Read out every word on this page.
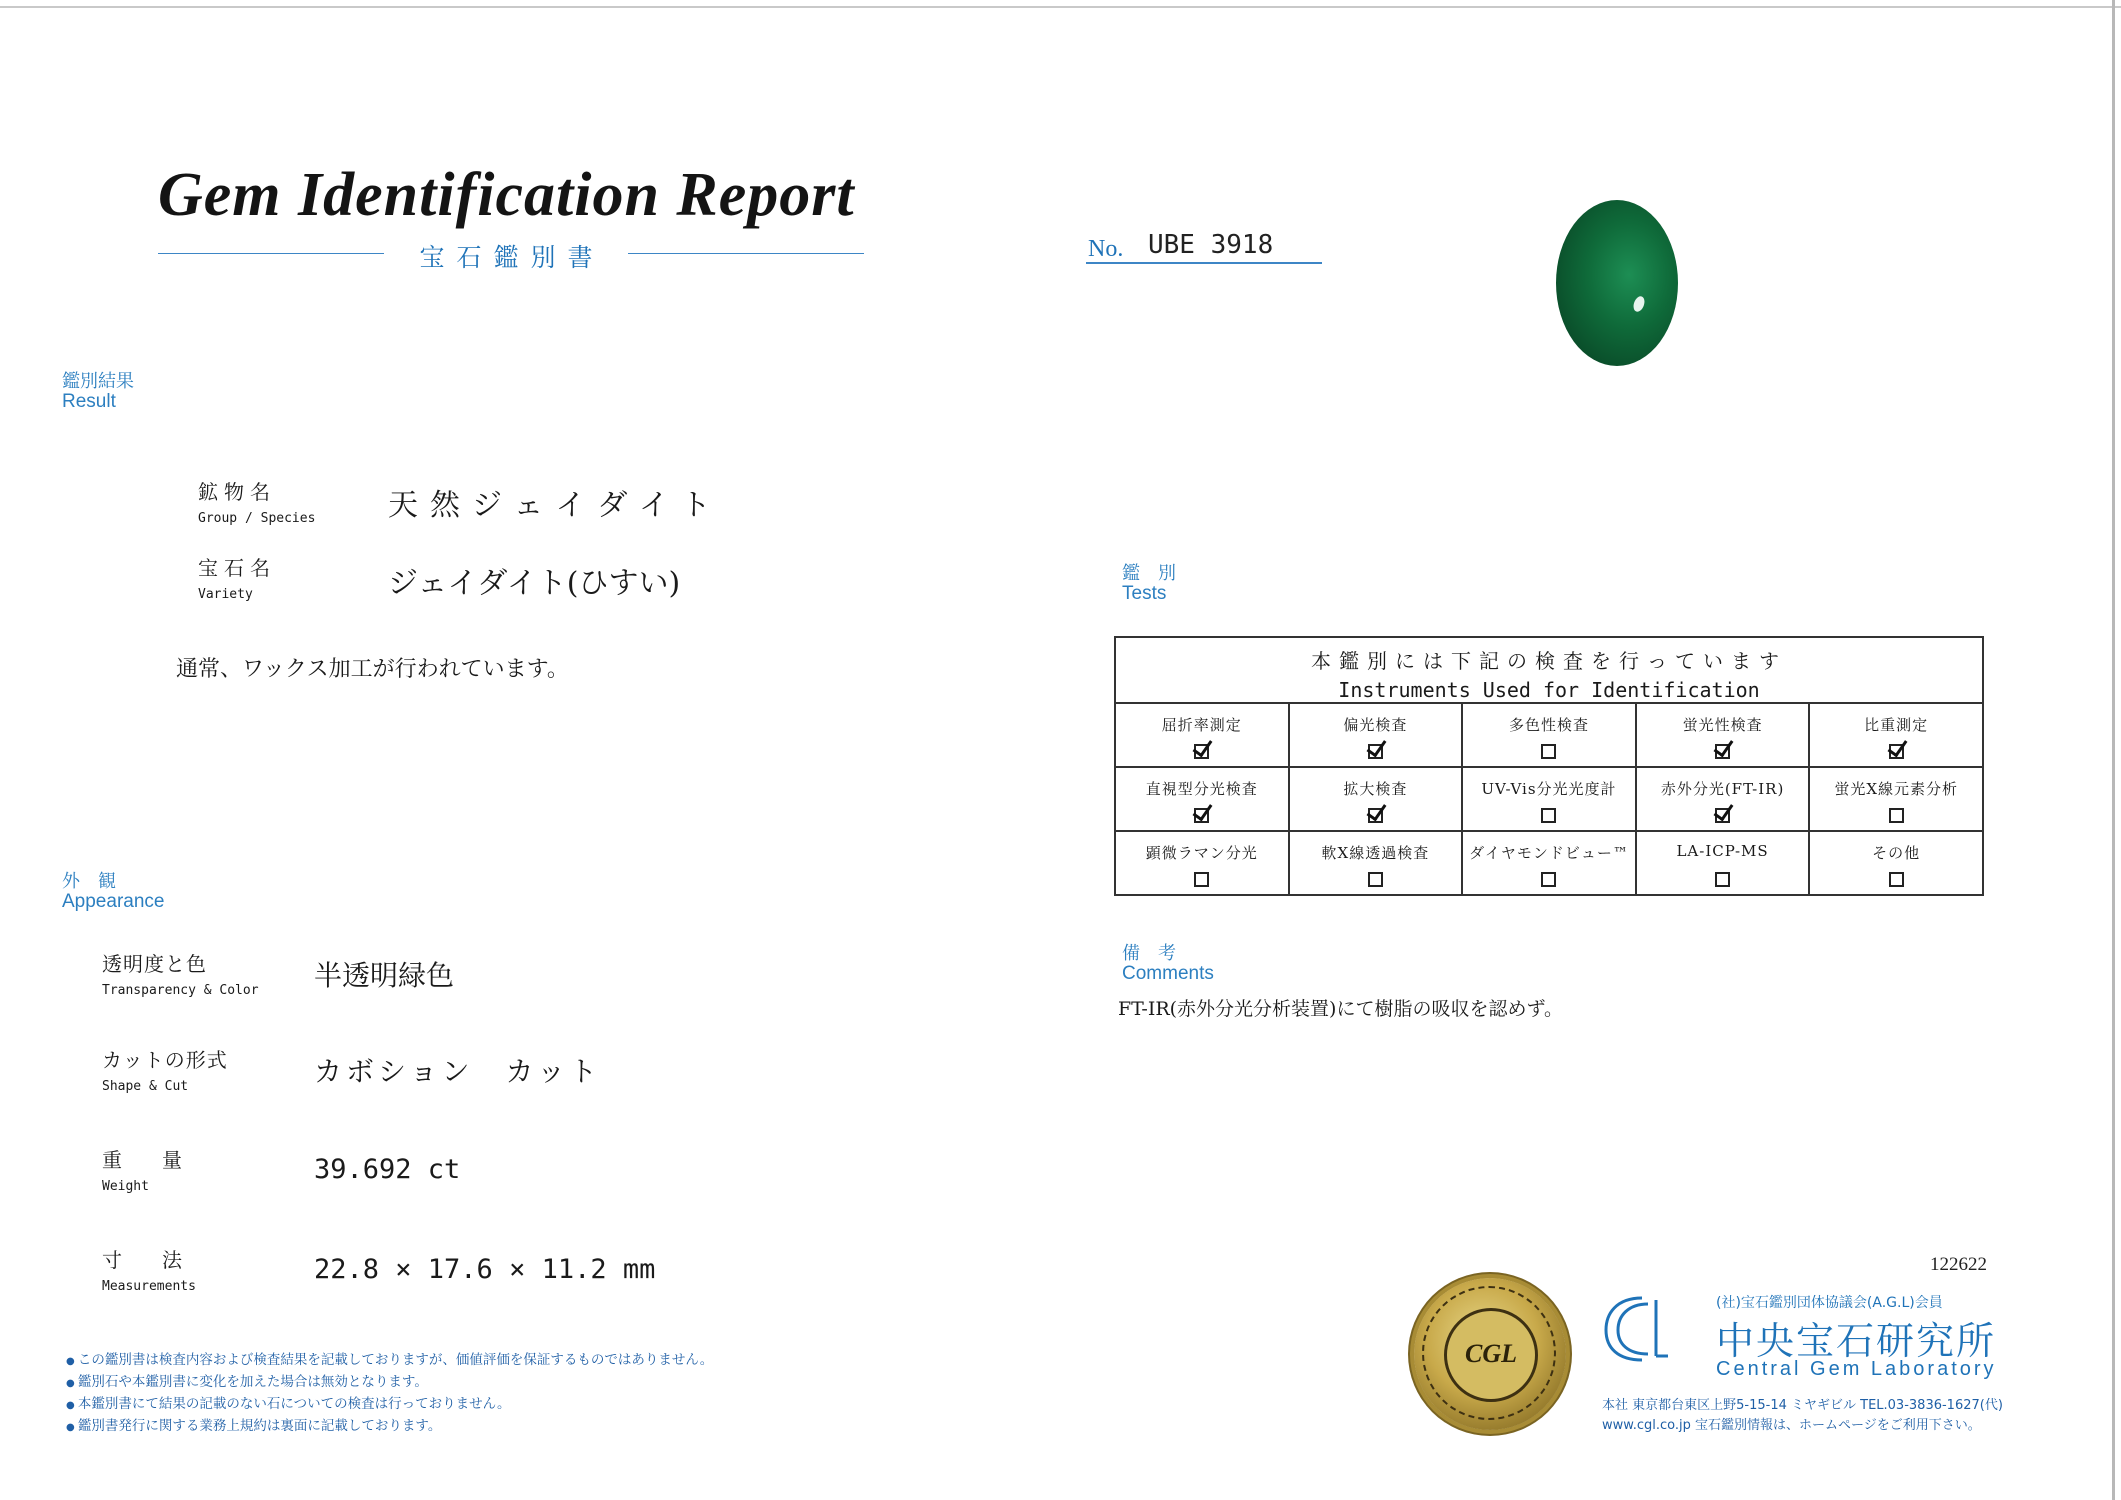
Gem Identification Report
宝石鑑別書	No. UBE 3918
鑑別結果
Result
鉱物名
Group / Species 天然ジェイダイト
宝石名
Variety	ジェイダイト(ひすい)
通常、ワックス加工が行われています。
外　観
Appearance
透明度と色
Transparency & Color 半透明緑色
カットの形式
Shape & Cut	カボション　カット
重　量
Weight
39.692 ct
寸　法
Measurements
22.8 × 17.6 × 11.2 mm
鑑　別
Tests
本鑑別には下記の検査を行っています
Instruments Used for Identification				

屈折率測定	偏光検査	多色性検査	蛍光性検査	比重測定

直視型分光検査	拡大検査	UV-Vis分光光度計	赤外分光(FT-IR)	蛍光X線元素分析

顕微ラマン分光	軟X線透過検査	ダイヤモンドビュー™	LA-ICP-MS	その他
備　考
Comments
FT-IR(赤外分光分析装置)にて樹脂の吸収を認めず。
● この鑑別書は検査内容および検査結果を記載しておりますが、価値評価を保証するものではありません。
● 鑑別石や本鑑別書に変化を加えた場合は無効となります。
● 本鑑別書にて結果の記載のない石についての検査は行っておりません。
● 鑑別書発行に関する業務上規約は裏面に記載しております。
122622
CGL
(社)宝石鑑別団体協議会(A.G.L)会員
中央宝石研究所
Central Gem Laboratory
本社 東京都台東区上野5-15-14 ミヤギビル TEL.03-3836-1627(代)
www.cgl.co.jp 宝石鑑別情報は、ホームページをご利用下さい。
